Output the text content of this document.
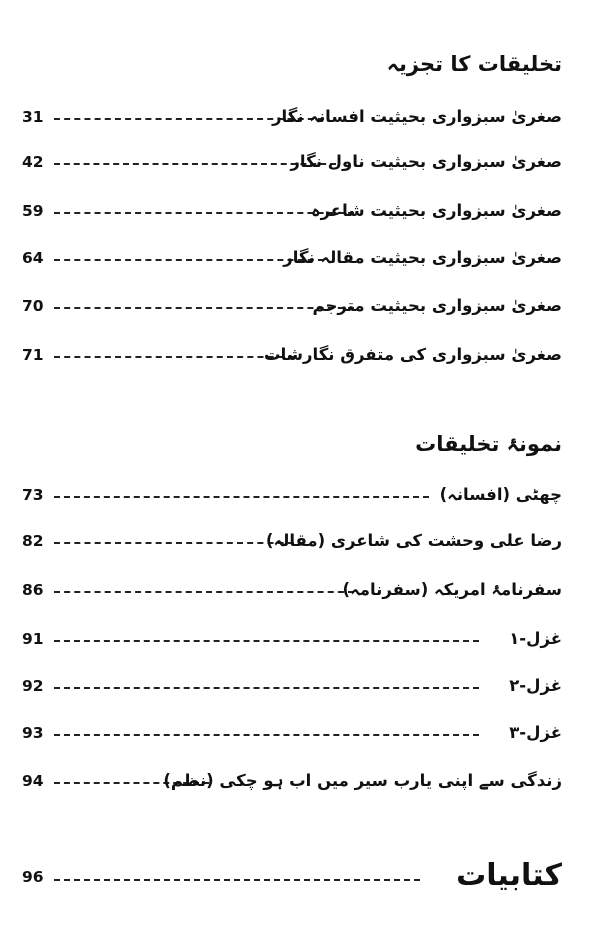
تخلیقات کا تجزیہ
31	صغریٰ سبزواری بحیثیت افسانہ نگار
42	صغریٰ سبزواری بحیثیت ناول نگار
59	صغریٰ سبزواری بحیثیت شاعرہ
64	صغریٰ سبزواری بحیثیت مقالہ نگار
70	صغریٰ سبزواری بحیثیت مترجم
71	صغریٰ سبزواری کی متفرق نگارشات
نمونۂ تخلیقات
73	چھٹی (افسانہ)
82	رضا علی وحشت کی شاعری (مقالہ)
86	سفرنامۂ امریکہ (سفرنامہ)
91	غزل-۱
92	غزل-۲
93	غزل-۳
94	زندگی سے اپنی یارب سیر میں اب ہو چکی (نظم)
96	کتابیات
